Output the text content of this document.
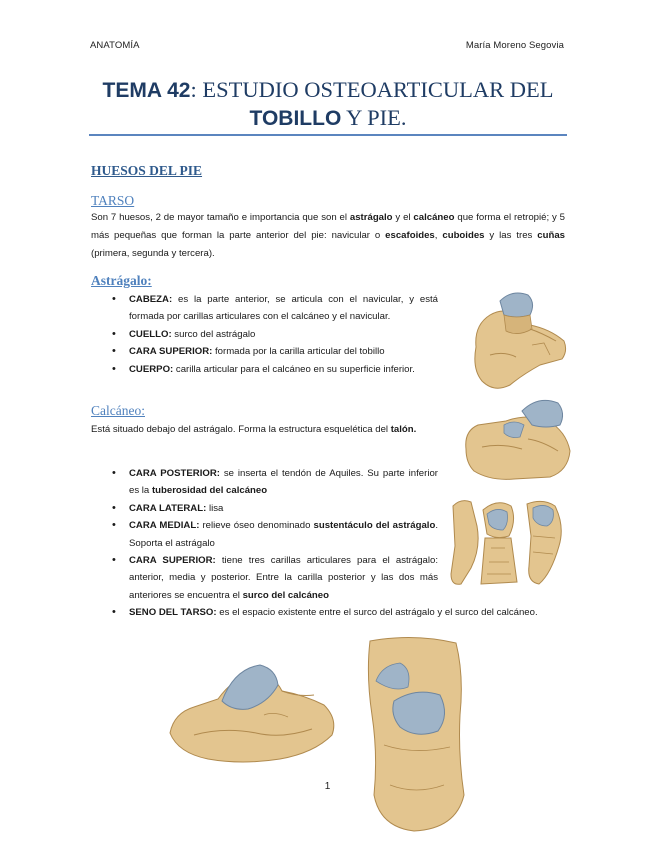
ANATOMÍA	María Moreno Segovia
TEMA 42: ESTUDIO OSTEOARTICULAR DEL
TOBILLO Y PIE.
HUESOS DEL PIE
TARSO

Son 7 huesos, 2 de mayor tamaño e importancia que son el astrágalo y el calcáneo que forma el retropié; y 5 más pequeñas que forman la parte anterior del pie: navicular o escafoides, cuboides y las tres cuñas (primera, segunda y tercera).

Astrágalo:
• CABEZA: es la parte anterior, se articula con el navicular, y está formada por carillas articulares con el calcáneo y el navicular.
• CUELLO: surco del astrágalo
• CARA SUPERIOR: formada por la carilla articular del tobillo
• CUERPO: carilla articular para el calcáneo en su superficie inferior.
Calcáneo:

Está situado debajo del astrágalo. Forma la estructura esquelética del talón.

• CARA POSTERIOR: se inserta el tendón de Aquiles. Su parte inferior es la tuberosidad del calcáneo
• CARA LATERAL: lisa
• CARA MEDIAL: relieve óseo denominado sustentáculo del astrágalo. Soporta el astrágalo
• CARA SUPERIOR: tiene tres carillas articulares para el astrágalo: anterior, media y posterior. Entre la carilla posterior y las dos más anteriores se encuentra el surco del calcáneo
• SENO DEL TARSO: es el espacio existente entre el surco del astrágalo y el surco del calcáneo.
1
